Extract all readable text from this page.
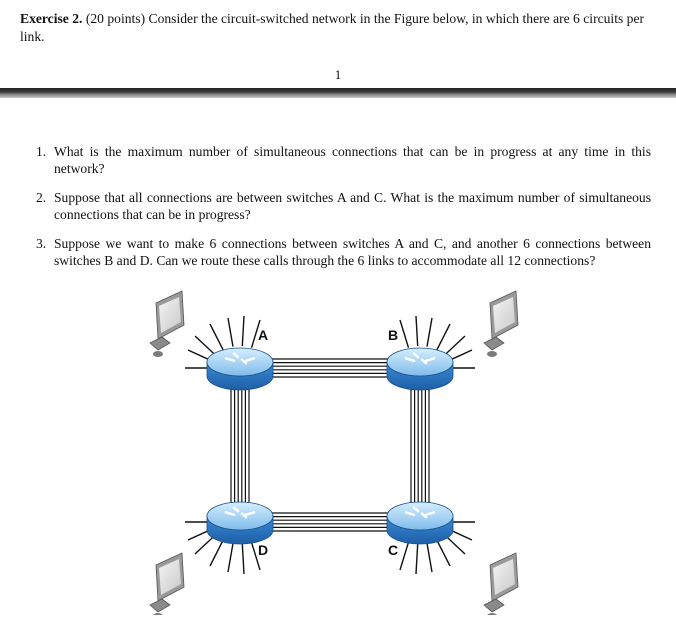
Exercise 2. (20 points) Consider the circuit-switched network in the Figure below, in which there are 6 circuits per link.
1
1. What is the maximum number of simultaneous connections that can be in progress at any time in this network?
2. Suppose that all connections are between switches A and C. What is the maximum number of simultaneous connections that can be in progress?
3. Suppose we want to make 6 connections between switches A and C, and another 6 connections between switches B and D. Can we route these calls through the 6 links to accommodate all 12 connections?
A	B
C
D
